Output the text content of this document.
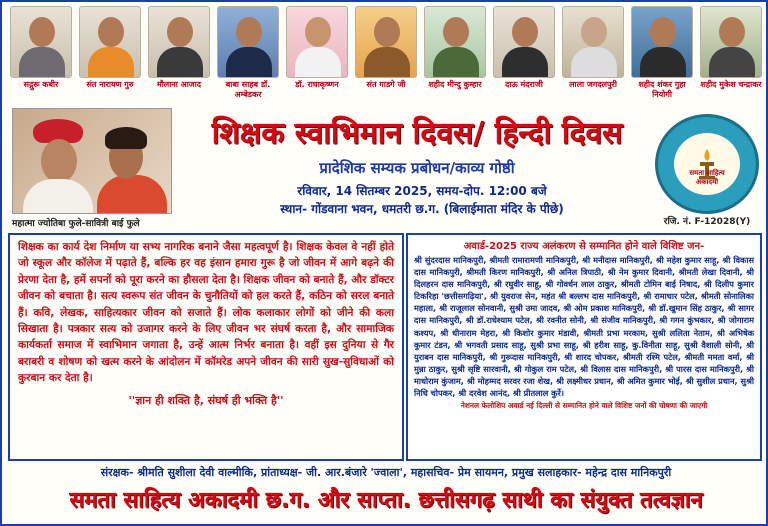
सद्गुरू कबीर	संत नारायण गुरु	मौलाना आजाद	बाबा साहब डॉ. अम्बेडकर
डॉ. राधाकृष्णन	संत गाडगे जी	शहीद मीन्दु कुम्हार	दाऊ मंदराजी	लाला जगदलपुरी	शहीद शंकर गुहा नियोगी
शहीद मुकेश चन्द्राकर
महात्मा ज्योतिबा फुले-सावित्री बाई फुले
शिक्षक स्वाभिमान दिवस/ हिन्दी दिवस
प्रादेशिक सम्यक प्रबोधन/काव्य गोष्ठी
रविवार, 14 सितम्बर 2025, समय-दोप. 12:00 बजे
स्थान- गोंडवाना भवन, धमतरी छ.ग. (बिलाईमाता मंदिर के पीछे)
समता साहित्य अकादमी
रजि. नं. F-12028(Y)
शिक्षक का कार्य देश निर्माण या सभ्य नागरिक बनाने जैसा महत्वपूर्ण है। शिक्षक केवल वे नहीं होते जो स्कूल और कॉलेज में पढ़ाते हैं, बल्कि हर वह इंसान हमारा गुरू है जो जीवन में आगे बढ़ने की प्रेरणा देता है, हमें सपनों को पूरा करने का हौसला देता है। शिक्षक जीवन को बनाते हैं, और डॉक्टर जीवन को बचाता है। सत्य स्वरूप संत जीवन के चुनौतियों को हल करते हैं, कठिन को सरल बनाते हैं। कवि, लेखक, साहित्यकार जीवन को सजाते हैं। लोक कलाकार लोगों को जीने की कला सिखाता है। पत्रकार सत्य को उजागर करने के लिए जीवन भर संघर्ष करता है, और सामाजिक कार्यकर्ता समाज में स्वाभिमान जगाता है, उन्हें आत्म निर्भर बनाता है। वहीं इस दुनिया से गैर बराबरी व शोषण को खत्म करने के आंदोलन में कॉमरेड अपने जीवन की सारी सुख-सुविधाओं को कुरबान कर देता है।
''ज्ञान ही शक्ति है, संघर्ष ही भक्ति है''
अवार्ड-2025 राज्य अलंकरण से सम्मानित होने वाले विशिष्ट जन-
श्री सुंदरदास मानिकपुरी, श्रीमती रामारामणी मानिकपुरी, श्री मनीदास मानिकपुरी, श्री महेश कुमार साहू, श्री विकास दास मानिकपुरी, श्रीमती किरण मानिकपुरी, श्री अनिल त्रिपाठी, श्री नेम कुमार दिवानी, श्रीमती लेखा दिवानी, श्री दिलहरन दास मानिकपुरी, श्री रघुवीर साहू, श्री गोवर्धन लाल ठाकुर, श्रीमती टोमिन बाई निषाद, श्री दिलीप कुमार टिकरिहा 'छत्तीसगढ़िया', श्री युवराज सेन, महंत श्री बल्लभ दास मानिकपुरी, श्री रामाधार पटेल, श्रीमती सोनालिका महाला, श्री राजूलाल सोनवानी, सुश्री उमा जादव, श्री ओम प्रकाश मानिकपुरी, श्री डॉ.खुमान सिंह ठाकुर, श्री सागर दास मानिकपुरी, श्री डॉ.राधेश्याम पटेल, श्री रवनीत सोनी, श्री संजीव मानिकपुरी, श्री गगन कुंभकार, श्री जोगाराम कश्यप, श्री धीनाराम मेहरा, श्री किशोर कुमार मंडावी, श्रीमती प्रभा मरकाम, सुश्री ललिता नेताम, श्री अभिषेक कुमार टंडन, श्री भगवती प्रसाद साहू, सुश्री प्रभा साहू, श्री हरीश साहू, कु.विनीता साहू, सुश्री वैशाली सोनी, श्री युराबन दास मानिकपुरी, श्री गुरूदास मानिकपुरी, श्री शारद चोपकर, श्रीमती रश्मि पटेल, श्रीमती ममता वर्मा, श्री मुन्ना ठाकुर, सुश्री सृष्टि सारवानी, श्री गोकुल राम पटेल, श्री विलास दास मानिकपुरी, श्री पारस दास मानिकपुरी, श्री माधोराम कुंजाम, श्री मोहम्मद सरवर रजा शेख, श्री लक्ष्मीधर प्रधान, श्री अमित कुमार भोई, श्री सुशील प्रधान, सुश्री निधि चोपकर, श्री दरवेश आनंद, श्री प्रीतलाल कुर्रे।
नेशनल फेलोशिप अवार्ड नई दिल्ली से सम्मानित होने वाले विशिष्ट जनों की घोषणा की जाएगी
संरक्षक- श्रीमति सुशीला देवी वाल्मीकि, प्रांताध्यक्ष- जी. आर.बंजारे 'ज्वाला', महासचिव- प्रेम सायमन, प्रमुख सलाहकार- महेन्द्र दास मानिकपुरी
समता साहित्य अकादमी छ.ग. और साप्ता. छत्तीसगढ़ साथी का संयुक्त तत्वज्ञान
